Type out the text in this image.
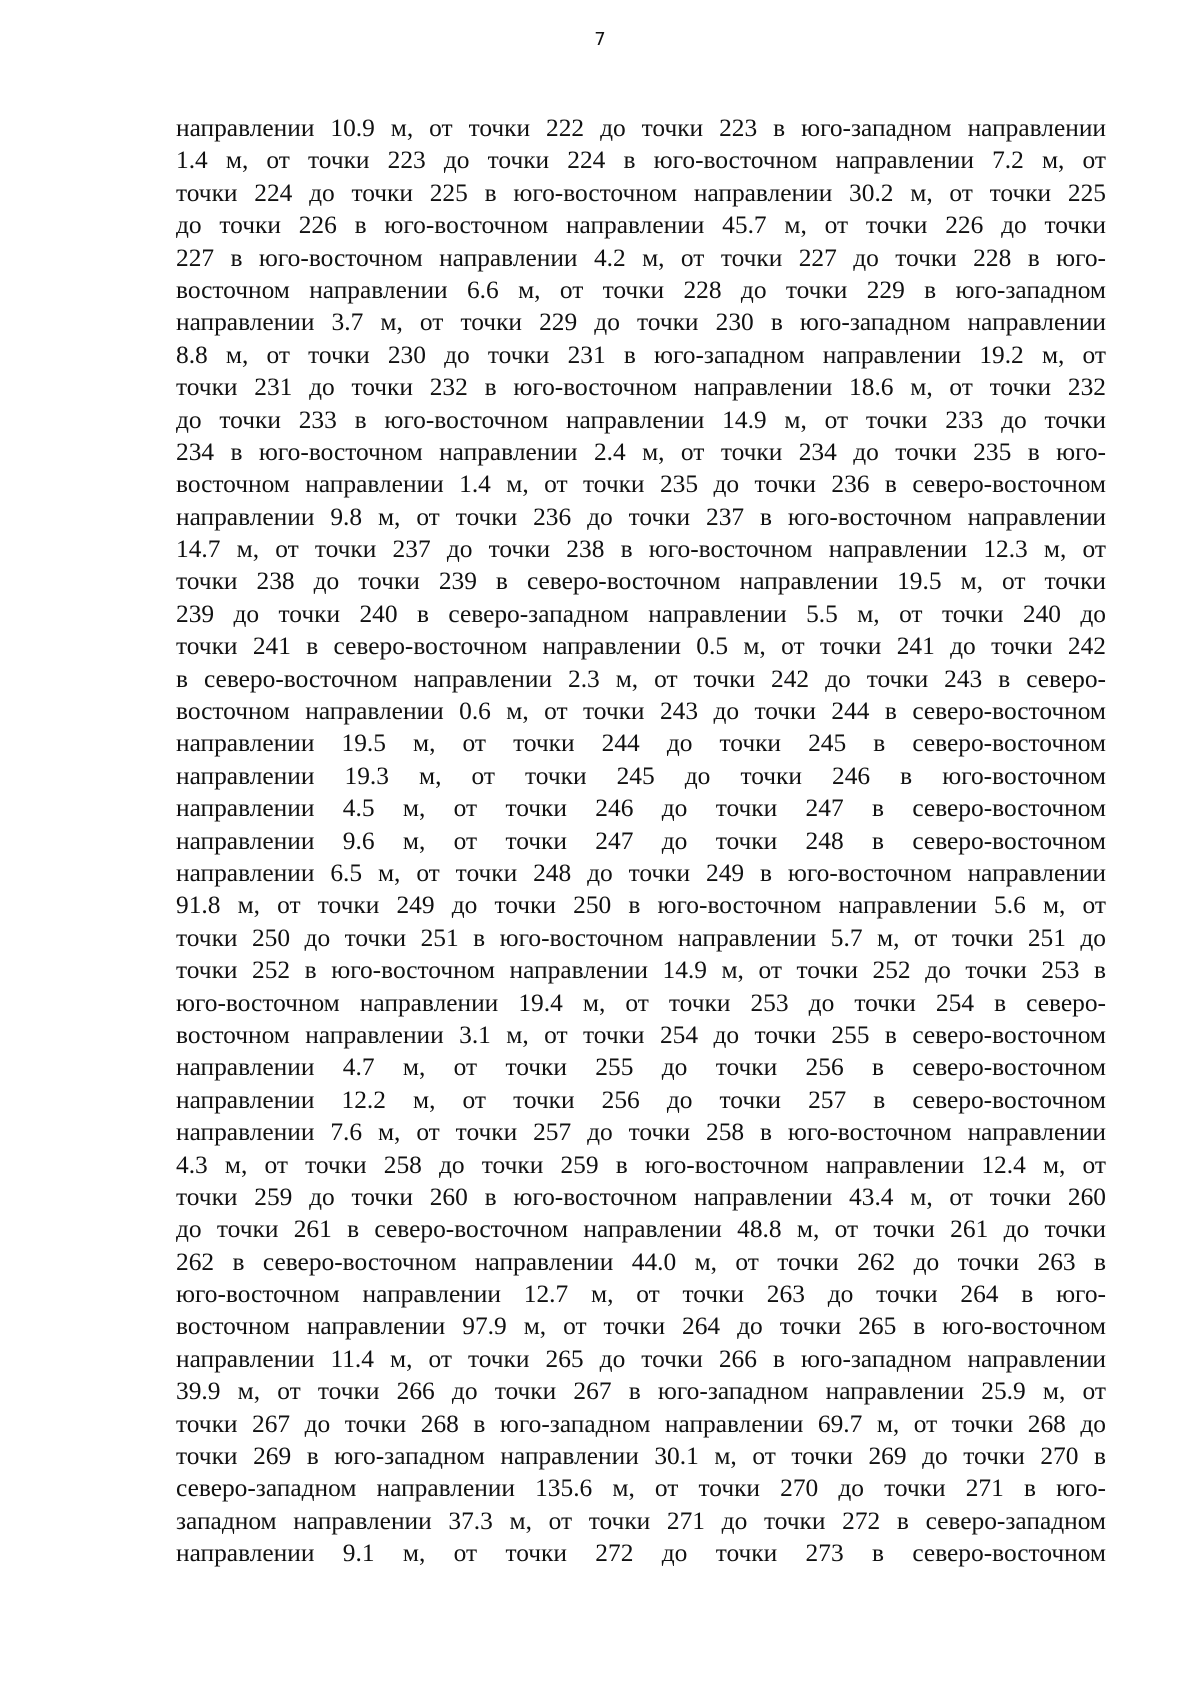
7
направлении 10.9 м, от точки 222 до точки 223 в юго-западном направлении
1.4 м, от точки 223 до точки 224 в юго-восточном направлении 7.2 м, от
точки 224 до точки 225 в юго-восточном направлении 30.2 м, от точки 225
до точки 226 в юго-восточном направлении 45.7 м, от точки 226 до точки
227 в юго-восточном направлении 4.2 м, от точки 227 до точки 228 в юго-
восточном направлении 6.6 м, от точки 228 до точки 229 в юго-западном
направлении 3.7 м, от точки 229 до точки 230 в юго-западном направлении
8.8 м, от точки 230 до точки 231 в юго-западном направлении 19.2 м, от
точки 231 до точки 232 в юго-восточном направлении 18.6 м, от точки 232
до точки 233 в юго-восточном направлении 14.9 м, от точки 233 до точки
234 в юго-восточном направлении 2.4 м, от точки 234 до точки 235 в юго-
восточном направлении 1.4 м, от точки 235 до точки 236 в северо-восточном
направлении 9.8 м, от точки 236 до точки 237 в юго-восточном направлении
14.7 м, от точки 237 до точки 238 в юго-восточном направлении 12.3 м, от
точки 238 до точки 239 в северо-восточном направлении 19.5 м, от точки
239 до точки 240 в северо-западном направлении 5.5 м, от точки 240 до
точки 241 в северо-восточном направлении 0.5 м, от точки 241 до точки 242
в северо-восточном направлении 2.3 м, от точки 242 до точки 243 в северо-
восточном направлении 0.6 м, от точки 243 до точки 244 в северо-восточном
направлении 19.5 м, от точки 244 до точки 245 в северо-восточном
направлении 19.3 м, от точки 245 до точки 246 в юго-восточном
направлении 4.5 м, от точки 246 до точки 247 в северо-восточном
направлении 9.6 м, от точки 247 до точки 248 в северо-восточном
направлении 6.5 м, от точки 248 до точки 249 в юго-восточном направлении
91.8 м, от точки 249 до точки 250 в юго-восточном направлении 5.6 м, от
точки 250 до точки 251 в юго-восточном направлении 5.7 м, от точки 251 до
точки 252 в юго-восточном направлении 14.9 м, от точки 252 до точки 253 в
юго-восточном направлении 19.4 м, от точки 253 до точки 254 в северо-
восточном направлении 3.1 м, от точки 254 до точки 255 в северо-восточном
направлении 4.7 м, от точки 255 до точки 256 в северо-восточном
направлении 12.2 м, от точки 256 до точки 257 в северо-восточном
направлении 7.6 м, от точки 257 до точки 258 в юго-восточном направлении
4.3 м, от точки 258 до точки 259 в юго-восточном направлении 12.4 м, от
точки 259 до точки 260 в юго-восточном направлении 43.4 м, от точки 260
до точки 261 в северо-восточном направлении 48.8 м, от точки 261 до точки
262 в северо-восточном направлении 44.0 м, от точки 262 до точки 263 в
юго-восточном направлении 12.7 м, от точки 263 до точки 264 в юго-
восточном направлении 97.9 м, от точки 264 до точки 265 в юго-восточном
направлении 11.4 м, от точки 265 до точки 266 в юго-западном направлении
39.9 м, от точки 266 до точки 267 в юго-западном направлении 25.9 м, от
точки 267 до точки 268 в юго-западном направлении 69.7 м, от точки 268 до
точки 269 в юго-западном направлении 30.1 м, от точки 269 до точки 270 в
северо-западном направлении 135.6 м, от точки 270 до точки 271 в юго-
западном направлении 37.3 м, от точки 271 до точки 272 в северо-западном
направлении 9.1 м, от точки 272 до точки 273 в северо-восточном
